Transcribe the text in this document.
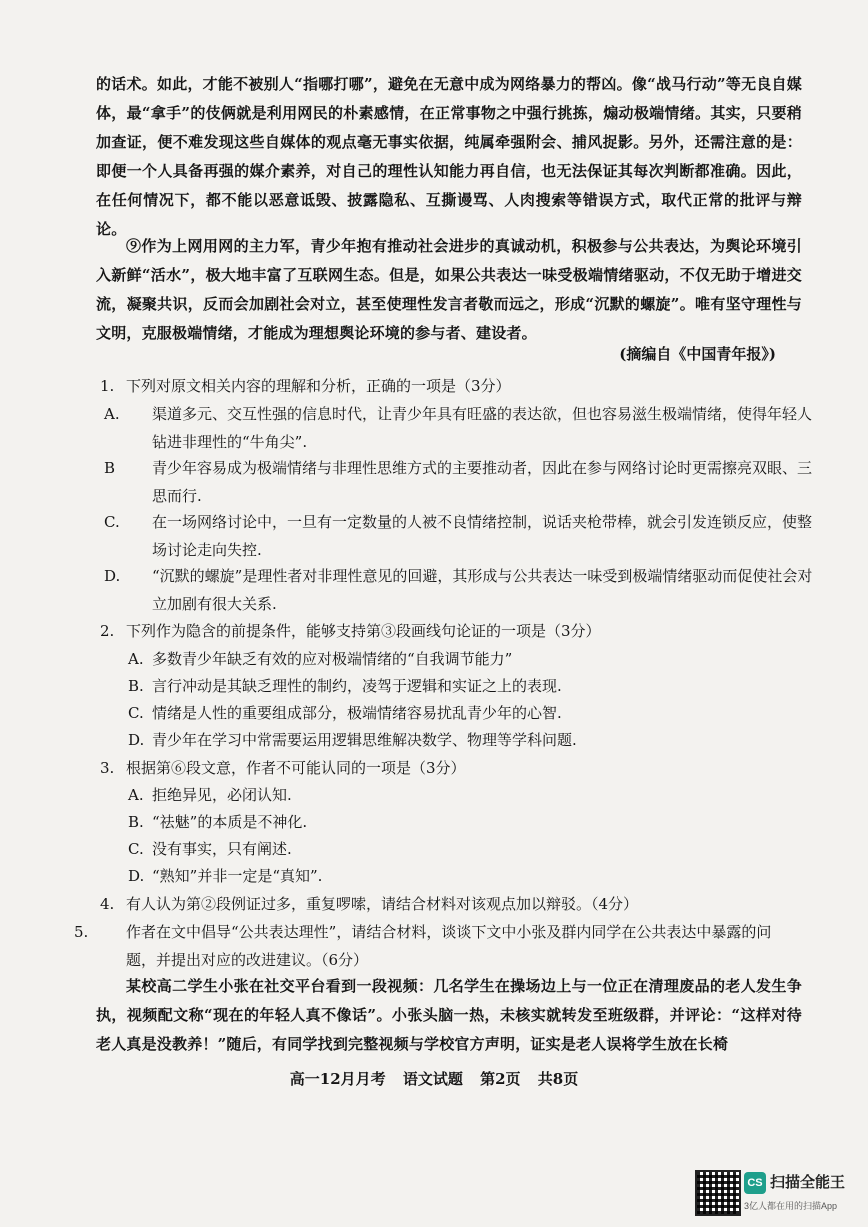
的话术。如此，才能不被别人“指哪打哪”，避免在无意中成为网络暴力的帮凶。像“战马行动”等无良自媒体，最“拿手”的伎俩就是利用网民的朴素感情，在正常事物之中强行挑拣，煽动极端情绪。其实，只要稍加查证，便不难发现这些自媒体的观点毫无事实依据，纯属牵强附会、捕风捉影。另外，还需注意的是：即便一个人具备再强的媒介素养，对自己的理性认知能力再自信，也无法保证其每次判断都准确。因此，在任何情况下，都不能以恶意诋毁、披露隐私、互撕谩骂、人肉搜索等错误方式，取代正常的批评与辩论。

⑨作为上网用网的主力军，青少年抱有推动社会进步的真诚动机，积极参与公共表达，为舆论环境引入新鲜“活水”，极大地丰富了互联网生态。但是，如果公共表达一味受极端情绪驱动，不仅无助于增进交流，凝聚共识，反而会加剧社会对立，甚至使理性发言者敬而远之，形成“沉默的螺旋”。唯有坚守理性与文明，克服极端情绪，才能成为理想舆论环境的参与者、建设者。

(摘编自《中国青年报》)
1. 下列对原文相关内容的理解和分析，正确的一项是（3分）
A. 渠道多元、交互性强的信息时代，让青少年具有旺盛的表达欲，但也容易滋生极端情绪，使得年轻人钻进非理性的“牛角尖”.
B 青少年容易成为极端情绪与非理性思维方式的主要推动者，因此在参与网络讨论时更需擦亮双眼、三思而行.
C. 在一场网络讨论中，一旦有一定数量的人被不良情绪控制，说话夹枪带棒，就会引发连锁反应，使整场讨论走向失控.
D. “沉默的螺旋”是理性者对非理性意见的回避，其形成与公共表达一味受到极端情绪驱动而促使社会对立加剧有很大关系.
2. 下列作为隐含的前提条件，能够支持第③段画线句论证的一项是（3分）
A. 多数青少年缺乏有效的应对极端情绪的“自我调节能力”
B. 言行冲动是其缺乏理性的制约，凌驾于逻辑和实证之上的表现.
C. 情绪是人性的重要组成部分，极端情绪容易扰乱青少年的心智.
D. 青少年在学习中常需要运用逻辑思维解决数学、物理等学科问题.
3. 根据第⑥段文意，作者不可能认同的一项是（3分）
A. 拒绝异见，必闭认知.
B. “祛魅”的本质是不神化.
C. 没有事实，只有阐述.
D. “熟知”并非一定是“真知”.
4. 有人认为第②段例证过多，重复啰嗦，请结合材料对该观点加以辩驳。（4分）
5.	作者在文中倡导“公共表达理性”，请结合材料，谈谈下文中小张及群内同学在公共表达中暴露的问题，并提出对应的改进建议。（6分）

某校高二学生小张在社交平台看到一段视频：几名学生在操场边上与一位正在清理废品的老人发生争执，视频配文称“现在的年轻人真不像话”。小张头脑一热，未核实就转发至班级群，并评论：“这样对待老人真是没教养！”随后，有同学找到完整视频与学校官方声明，证实是老人误将学生放在长椅

高一12月月考 语文试题 第2页 共8页
CS 扫描全能王
3亿人都在用的扫描App
